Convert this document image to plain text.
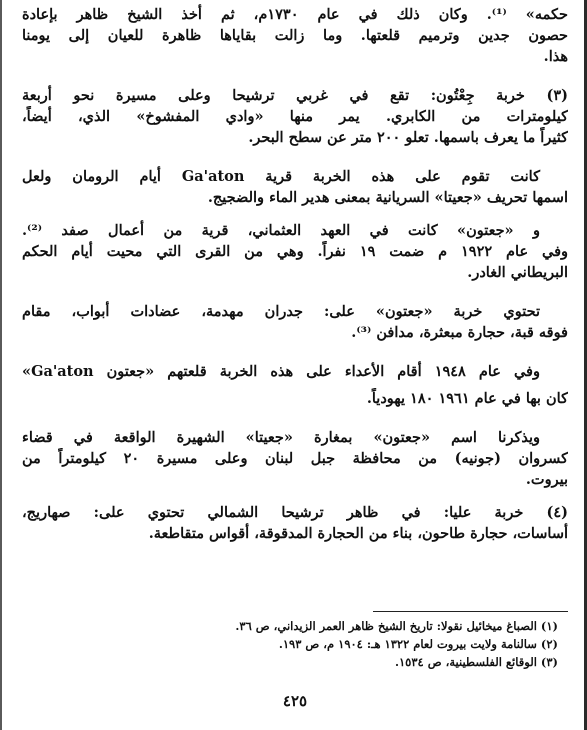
حكمه» ⁽¹⁾. وكان ذلك في عام ١٧٣٠م، ثم أخذ الشيخ ظاهر بإعادة
حصون جدين وترميم قلعتها. وما زالت بقاياها ظاهرة للعيان إلى يومنا
هذا.
(٣) خربة جِعْتُون: تقع في غربي ترشيحا وعلى مسيرة نحو أربعة
كيلومترات من الكابري. يمر منها «وادي المفشوخ» الذي، أيضاً،
كثيراً ما يعرف باسمها. تعلو ٢٠٠ متر عن سطح البحر.
كانت تقوم على هذه الخربة قرية Ga'aton أيام الرومان ولعل
اسمها تحريف «جعيتا» السريانية بمعنى هدير الماء والضجيج.
و «جعتون» كانت في العهد العثماني، قرية من أعمال صفد ⁽²⁾.
وفي عام ١٩٢٢ م ضمت ١٩ نفراً. وهي من القرى التي محيت أيام الحكم
البريطاني الغادر.
تحتوي خربة «جعتون» على: جدران مهدمة، عضادات أبواب، مقام
فوقه قبة، حجارة مبعثرة، مدافن ⁽³⁾.
وفي عام ١٩٤٨ أقام الأعداء على هذه الخربة قلعتهم «جعتون Ga'aton»
كان بها في عام ١٩٦١ ١٨٠ يهودياً.
ويذكرنا اسم «جعتون» بمغارة «جعيتا» الشهيرة الواقعة في قضاء
كسروان (جونيه) من محافظة جبل لبنان وعلى مسيرة ٢٠ كيلومتراً من
بيروت.
(٤) خربة عليا: في ظاهر ترشيحا الشمالي تحتوي على: صهاريج،
أساسات، حجارة طاحون، بناء من الحجارة المدقوقة، أقواس متقاطعة.
(١) الصباغ ميخائيل نقولا: تاريخ الشيخ ظاهر العمر الزيداني، ص ٣٦.
(٢) سالنامة ولايت بيروت لعام ١٣٢٢ هـ: ١٩٠٤ م، ص ١٩٣.
(٣) الوقائع الفلسطينية، ص ١٥٣٤.
٤٢٥
